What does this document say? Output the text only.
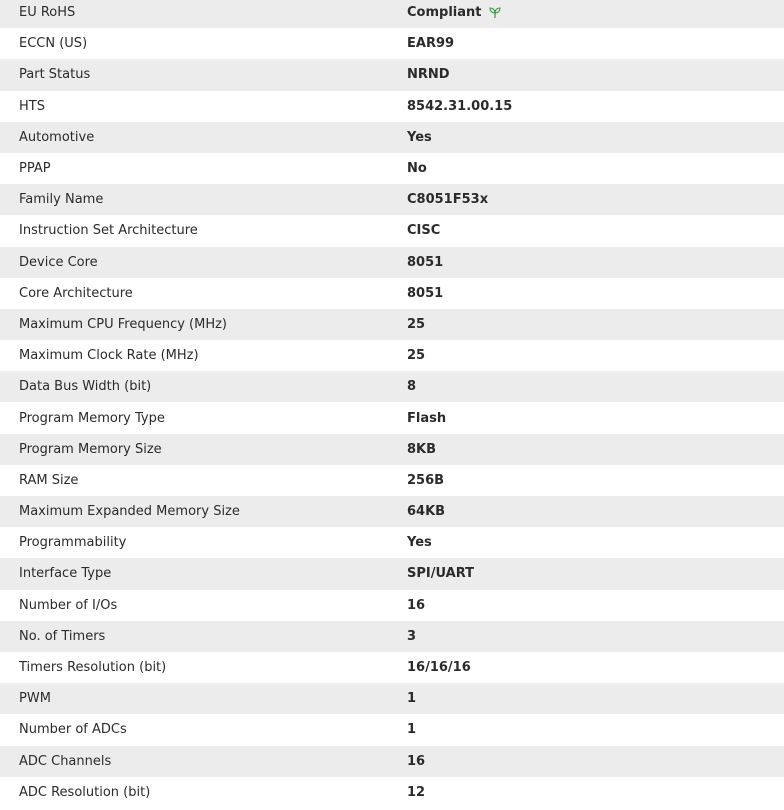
EU RoHS	Compliant
ECCN (US)	EAR99
Part Status	NRND
HTS	8542.31.00.15
Automotive	Yes
PPAP	No
Family Name	C8051F53x
Instruction Set Architecture	CISC
Device Core	8051
Core Architecture	8051
Maximum CPU Frequency (MHz)	25
Maximum Clock Rate (MHz)	25
Data Bus Width (bit)	8
Program Memory Type	Flash
Program Memory Size	8KB
RAM Size	256B
Maximum Expanded Memory Size	64KB
Programmability	Yes
Interface Type	SPI/UART
Number of I/Os	16
No. of Timers	3
Timers Resolution (bit)	16/16/16
PWM	1
Number of ADCs	1
ADC Channels	16
ADC Resolution (bit)	12
